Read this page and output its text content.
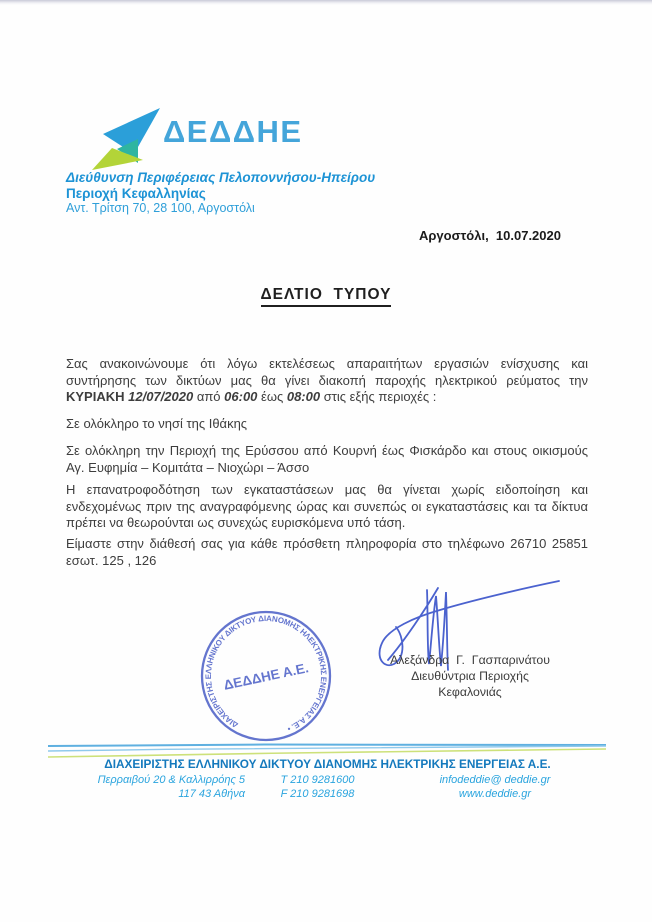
ΔΕΔΔΗΕ
Διεύθυνση Περιφέρειας Πελοποννήσου-Ηπείρου
Περιοχή Κεφαλληνίας
Αντ. Τρίτση 70, 28 100, Αργοστόλι
Αργοστόλι,  10.07.2020
ΔΕΛΤΙΟ  ΤΥΠΟΥ
Σας ανακοινώνουμε ότι λόγω εκτελέσεως απαραιτήτων εργασιών ενίσχυσης και συντήρησης των δικτύων μας θα γίνει διακοπή παροχής ηλεκτρικού ρεύματος την ΚΥΡΙΑΚΗ 12/07/2020 από 06:00 έως 08:00 στις εξής περιοχές :
Σε ολόκληρο το νησί της Ιθάκης
Σε ολόκληρη την Περιοχή της Ερύσσου από Κουρνή έως Φισκάρδο και στους οικισμούς Αγ. Ευφημία – Κομιτάτα – Νιοχώρι – Άσσο
Η επανατροφοδότηση των εγκαταστάσεων μας θα γίνεται χωρίς ειδοποίηση και ενδεχομένως πριν της αναγραφόμενης ώρας και συνεπώς οι εγκαταστάσεις και τα δίκτυα πρέπει να θεωρούνται ως συνεχώς ευρισκόμενα υπό τάση.
Είμαστε στην διάθεσή σας για κάθε πρόσθετη πληροφορία στο τηλέφωνο 26710 25851 εσωτ. 125 , 126
ΔΙΑΧΕΙΡΙΣΤΗΣ ΕΛΛΗΝΙΚΟΥ ΔΙΚΤΥΟΥ ΔΙΑΝΟΜΗΣ ΗΛΕΚΤΡΙΚΗΣ ΕΝΕΡΓΕΙΑΣ Α.Ε. •
ΔΕΔΔΗΕ Α.Ε.
Αλεξάνδρα  Γ.  Γασπαρινάτου
Διευθύντρια Περιοχής Κεφαλονιάς
ΔΙΑΧΕΙΡΙΣΤΗΣ ΕΛΛΗΝΙΚΟΥ ΔΙΚΤΥΟΥ ΔΙΑΝΟΜΗΣ ΗΛΕΚΤΡΙΚΗΣ ΕΝΕΡΓΕΙΑΣ Α.Ε.
Περραιβού 20 & Καλλιρρόης 5
117 43 Αθήνα
Τ 210 9281600
F 210 9281698
infodeddie@ deddie.gr
www.deddie.gr
